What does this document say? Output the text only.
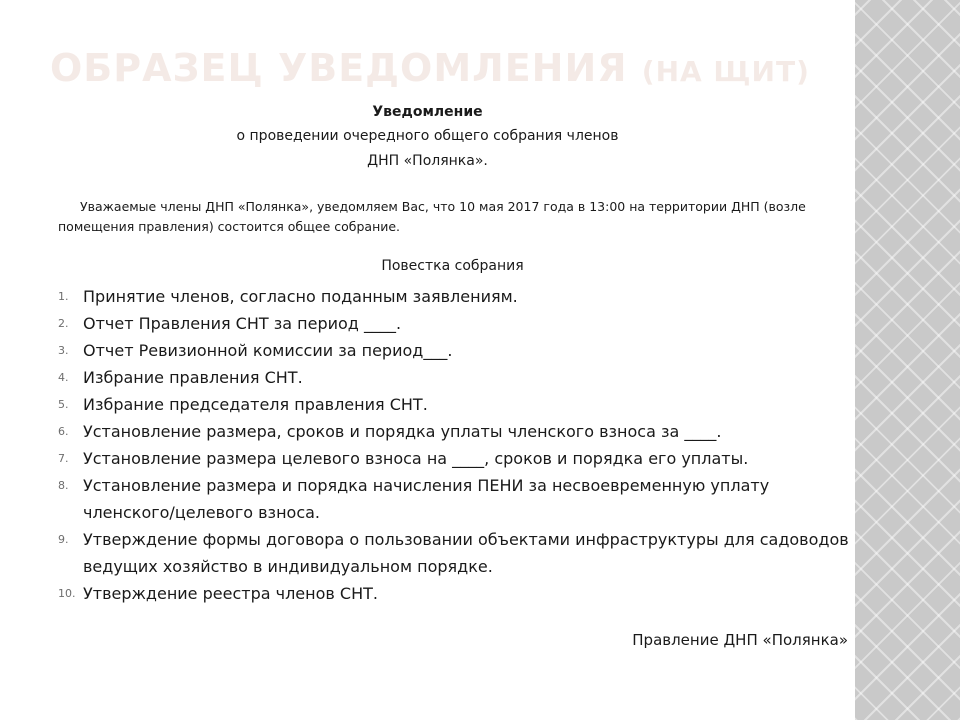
ОБРАЗЕЦ УВЕДОМЛЕНИЯ (НА ЩИТ)
Уведомление
о проведении очередного общего собрания членов
ДНП «Полянка».

Уважаемые члены ДНП «Полянка», уведомляем Вас, что 10 мая 2017 года в 13:00 на территории ДНП (возле помещения правления) состоится общее собрание.

Повестка собрания
1. Принятие членов, согласно поданным заявлениям.
2. Отчет Правления СНТ за период ____.
3. Отчет Ревизионной комиссии за период___.
4. Избрание правления СНТ.
5. Избрание председателя правления СНТ.
6. Установление размера, сроков и порядка уплаты членского взноса за ____.
7. Установление размера целевого взноса на ____, сроков и порядка его уплаты.
8. Установление размера и порядка начисления ПЕНИ за несвоевременную уплату членского/целевого взноса.
9. Утверждение формы договора о пользовании объектами инфраструктуры для садоводов ведущих хозяйство в индивидуальном порядке.
10. Утверждение реестра членов СНТ.
Правление ДНП «Полянка»
